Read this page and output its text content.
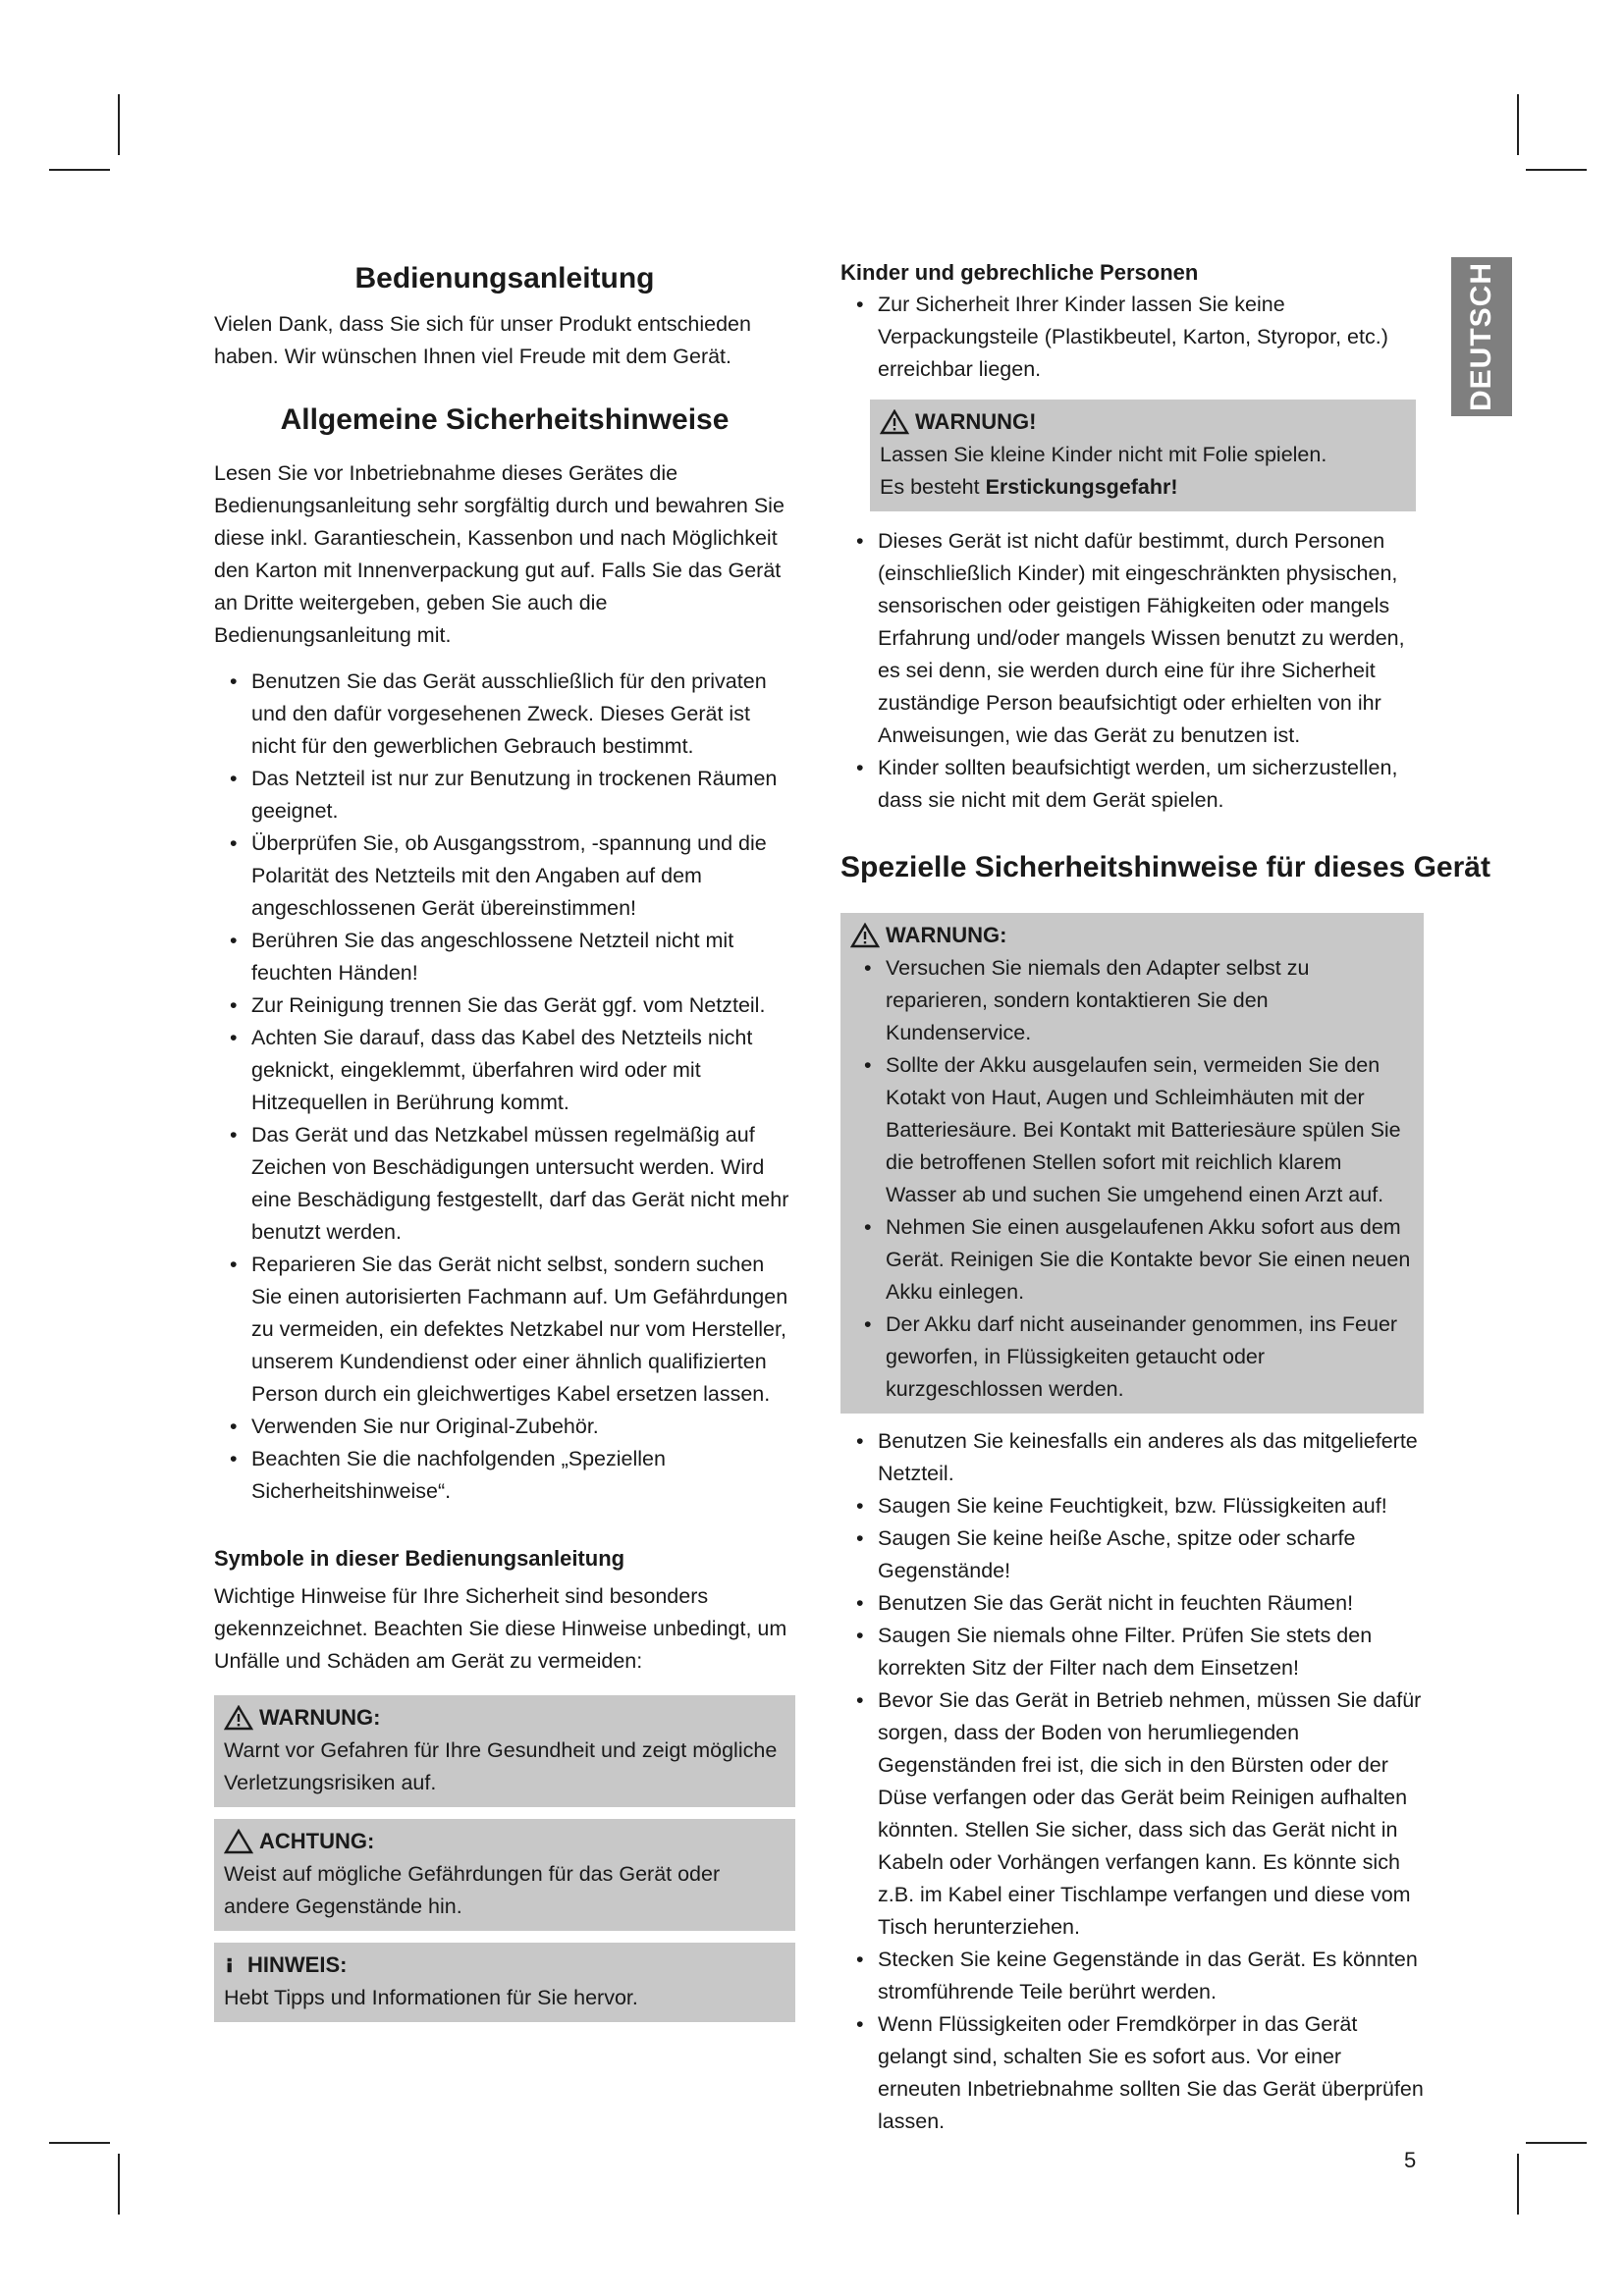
DEUTSCH
Bedienungsanleitung

Vielen Dank, dass Sie sich für unser Produkt entschieden haben. Wir wünschen Ihnen viel Freude mit dem Gerät.

Allgemeine Sicherheitshinweise

Lesen Sie vor Inbetriebnahme dieses Gerätes die Bedienungsanleitung sehr sorgfältig durch und bewahren Sie diese inkl. Garantieschein, Kassenbon und nach Möglichkeit den Karton mit Innenverpackung gut auf. Falls Sie das Gerät an Dritte weitergeben, geben Sie auch die Bedienungsanleitung mit.

• Benutzen Sie das Gerät ausschließlich für den privaten und den dafür vorgesehenen Zweck. Dieses Gerät ist nicht für den gewerblichen Gebrauch bestimmt.
• Das Netzteil ist nur zur Benutzung in trockenen Räumen geeignet.
• Überprüfen Sie, ob Ausgangsstrom, -spannung und die Polarität des Netzteils mit den Angaben auf dem angeschlossenen Gerät übereinstimmen!
• Berühren Sie das angeschlossene Netzteil nicht mit feuchten Händen!
• Zur Reinigung trennen Sie das Gerät ggf. vom Netzteil.
• Achten Sie darauf, dass das Kabel des Netzteils nicht geknickt, eingeklemmt, überfahren wird oder mit Hitzequellen in Berührung kommt.
• Das Gerät und das Netzkabel müssen regelmäßig auf Zeichen von Beschädigungen untersucht werden. Wird eine Beschädigung festgestellt, darf das Gerät nicht mehr benutzt werden.
• Reparieren Sie das Gerät nicht selbst, sondern suchen Sie einen autorisierten Fachmann auf. Um Gefährdungen zu vermeiden, ein defektes Netzkabel nur vom Hersteller, unserem Kundendienst oder einer ähnlich qualifizierten Person durch ein gleichwertiges Kabel ersetzen lassen.
• Verwenden Sie nur Original-Zubehör.
• Beachten Sie die nachfolgenden „Speziellen Sicherheitshinweise“.
Symbole in dieser Bedienungsanleitung

Wichtige Hinweise für Ihre Sicherheit sind besonders gekennzeichnet. Beachten Sie diese Hinweise unbedingt, um Unfälle und Schäden am Gerät zu vermeiden:

WARNUNG:

Warnt vor Gefahren für Ihre Gesundheit und zeigt mögliche Verletzungsrisiken auf.

ACHTUNG:

Weist auf mögliche Gefährdungen für das Gerät oder andere Gegenstände hin.

HINWEIS:

Hebt Tipps und Informationen für Sie hervor.

Kinder und gebrechliche Personen
• Zur Sicherheit Ihrer Kinder lassen Sie keine Verpackungsteile (Plastikbeutel, Karton, Styropor, etc.) erreichbar liegen.
WARNUNG!

Lassen Sie kleine Kinder nicht mit Folie spielen.

Es besteht Erstickungsgefahr!

• Dieses Gerät ist nicht dafür bestimmt, durch Personen (einschließlich Kinder) mit eingeschränkten physischen, sensorischen oder geistigen Fähigkeiten oder mangels Erfahrung und/oder mangels Wissen benutzt zu werden, es sei denn, sie werden durch eine für ihre Sicherheit zuständige Person beaufsichtigt oder erhielten von ihr Anweisungen, wie das Gerät zu benutzen ist.
• Kinder sollten beaufsichtigt werden, um sicherzustellen, dass sie nicht mit dem Gerät spielen.
Spezielle Sicherheitshinweise für dieses Gerät
WARNUNG:
• Versuchen Sie niemals den Adapter selbst zu reparieren, sondern kontaktieren Sie den Kundenservice.
• Sollte der Akku ausgelaufen sein, vermeiden Sie den Kotakt von Haut, Augen und Schleimhäuten mit der Batteriesäure. Bei Kontakt mit Batteriesäure spülen Sie die betroffenen Stellen sofort mit reichlich klarem Wasser ab und suchen Sie umgehend einen Arzt auf.
• Nehmen Sie einen ausgelaufenen Akku sofort aus dem Gerät. Reinigen Sie die Kontakte bevor Sie einen neuen Akku einlegen.
• Der Akku darf nicht auseinander genommen, ins Feuer geworfen, in Flüssigkeiten getaucht oder kurzgeschlossen werden.
• Benutzen Sie keinesfalls ein anderes als das mitgelieferte Netzteil.
• Saugen Sie keine Feuchtigkeit, bzw. Flüssigkeiten auf!
• Saugen Sie keine heiße Asche, spitze oder scharfe Gegenstände!
• Benutzen Sie das Gerät nicht in feuchten Räumen!
• Saugen Sie niemals ohne Filter. Prüfen Sie stets den korrekten Sitz der Filter nach dem Einsetzen!
• Bevor Sie das Gerät in Betrieb nehmen, müssen Sie dafür sorgen, dass der Boden von herumliegenden Gegenständen frei ist, die sich in den Bürsten oder der Düse verfangen oder das Gerät beim Reinigen aufhalten könnten. Stellen Sie sicher, dass sich das Gerät nicht in Kabeln oder Vorhängen verfangen kann. Es könnte sich z.B. im Kabel einer Tischlampe verfangen und diese vom Tisch herunterziehen.
• Stecken Sie keine Gegenstände in das Gerät. Es könnten stromführende Teile berührt werden.
• Wenn Flüssigkeiten oder Fremdkörper in das Gerät gelangt sind, schalten Sie es sofort aus. Vor einer erneuten Inbetriebnahme sollten Sie das Gerät überprüfen lassen.
5
